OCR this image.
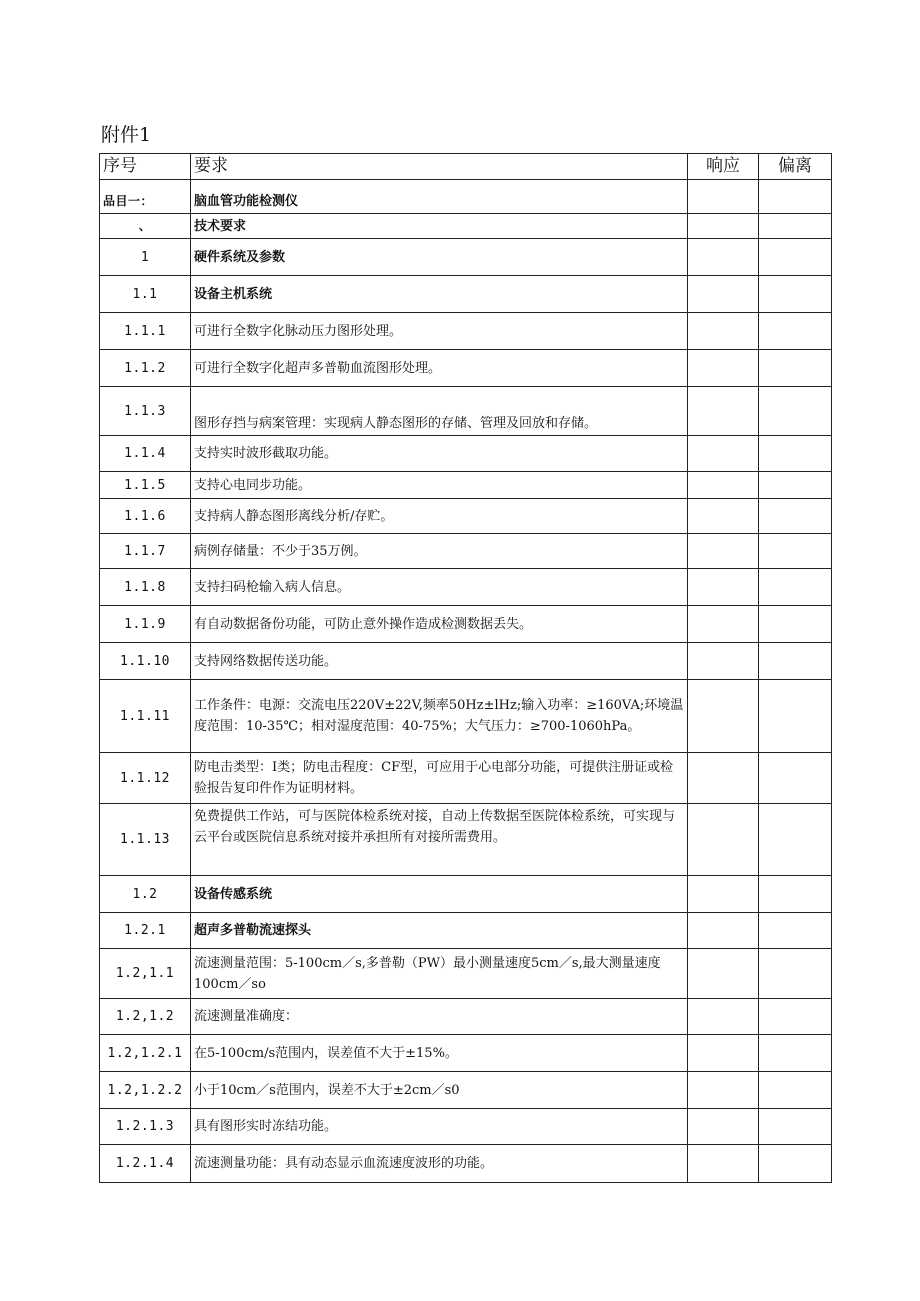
附件1
序号	要求	响应	偏离
品目一：	脑血管功能检测仪		
、	技术要求		
1	硬件系统及参数		
1.1	设备主机系统		
1.1.1	可进行全数字化脉动压力图形处理。		
1.1.2	可进行全数字化超声多普勒血流图形处理。		
1.1.3	图形存挡与病案管理：实现病人静态图形的存储、管理及回放和存储。		
1.1.4	支持实时波形截取功能。		
1.1.5	支持心电同步功能。		
1.1.6	支持病人静态图形离线分析/存贮。		
1.1.7	病例存储量：不少于35万例。		
1.1.8	支持扫码枪输入病人信息。		
1.1.9	有自动数据备份功能，可防止意外操作造成检测数据丢失。		
1.1.10	支持网络数据传送功能。		
1.1.11	工作条件：电源：交流电压220V±22V,频率50Hz±lHz;输入功率：≥160VA;环境温度范围：10-35℃；相对湿度范围：40-75%；大气压力：≥700-1060hPa。		
1.1.12	防电击类型：I类；防电击程度：CF型，可应用于心电部分功能，可提供注册证或检验报告复印件作为证明材料。		
1.1.13	免费提供工作站，可与医院体检系统对接，自动上传数据至医院体检系统，可实现与云平台或医院信息系统对接并承担所有对接所需费用。		
1.2	设备传感系统		
1.2.1	超声多普勒流速探头		
1.2,1.1	流速测量范围：5-100cm／s,多普勒（PW）最小测量速度5cm／s,最大测量速度100cm／so		
1.2,1.2	流速测量准确度：		
1.2,1.2.1	在5-100cm/s范围内，误差值不大于±15%。		
1.2,1.2.2	小于10cm／s范围内，误差不大于±2cm／s0		
1.2.1.3	具有图形实时冻结功能。		
1.2.1.4	流速测量功能：具有动态显示血流速度波形的功能。		
